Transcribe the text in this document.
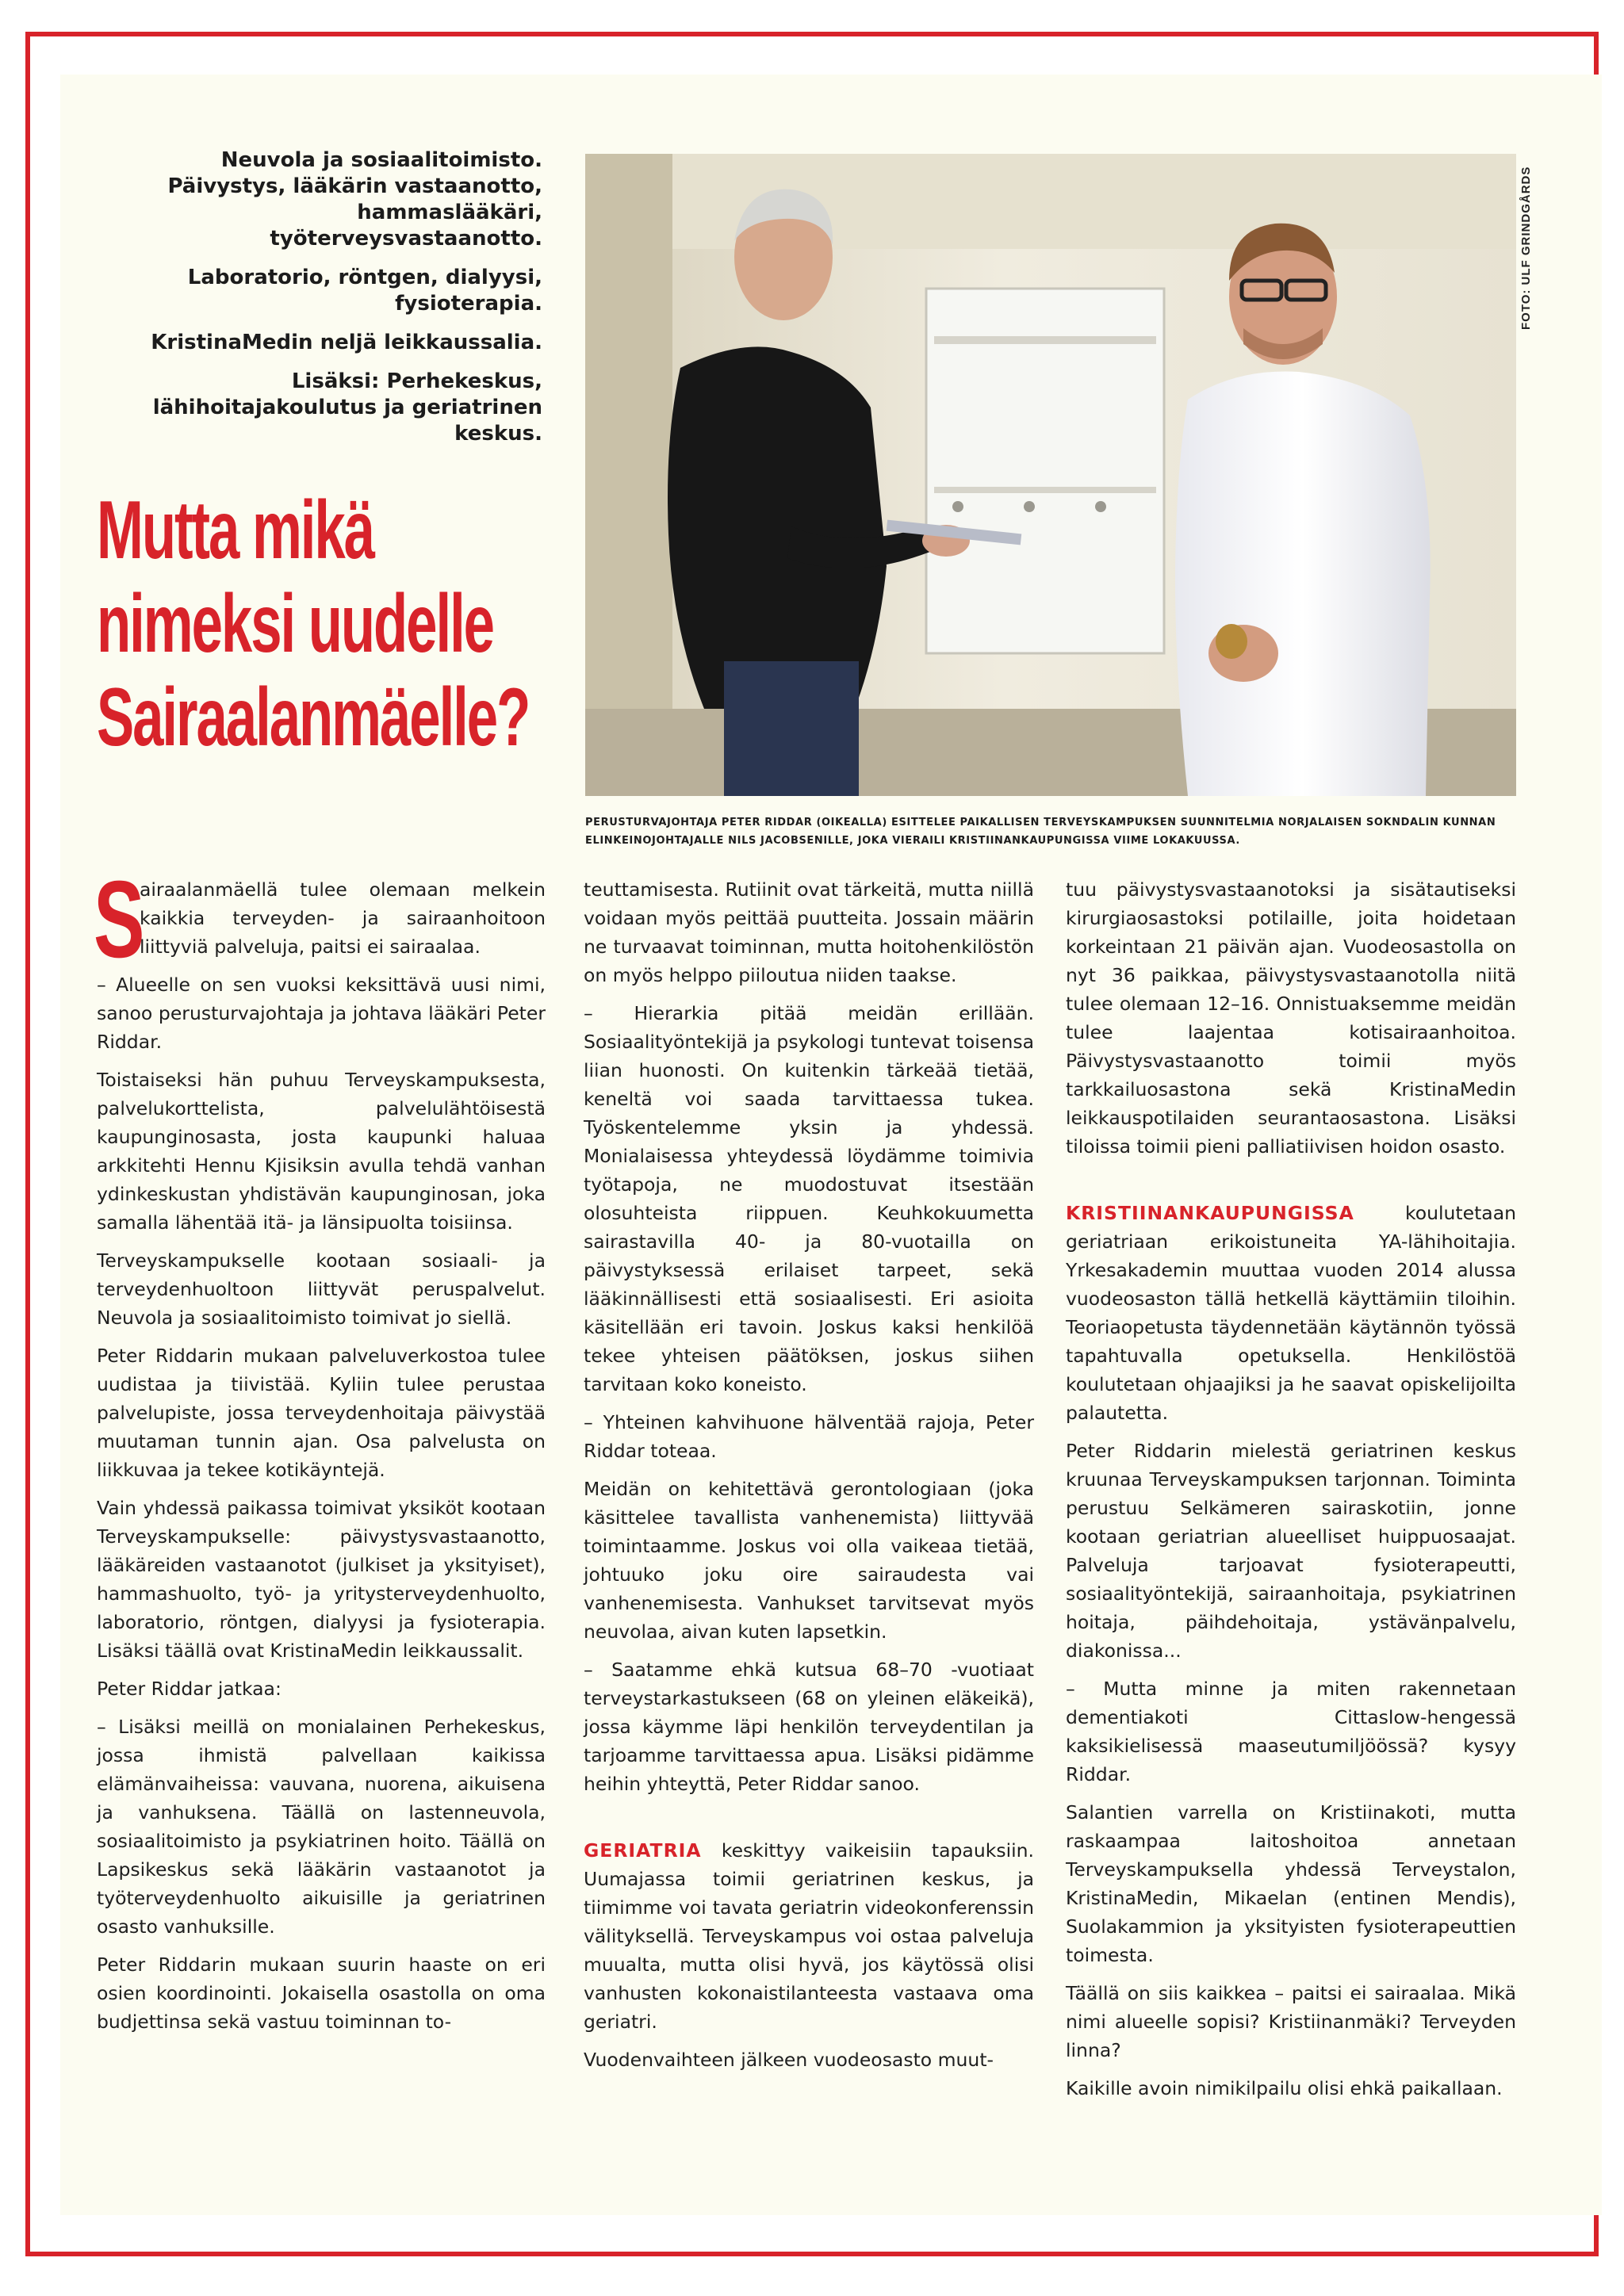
Neuvola ja sosiaalitoimisto. Päivystys, lääkärin vastaanotto, hammaslääkäri, työterveysvastaanotto.

Laboratorio, röntgen, dialyysi, fysioterapia.

KristinaMedin neljä leikkaussalia.

Lisäksi: Perhekeskus, lähihoitajakoulutus ja geriatrinen keskus.

Mutta mikä
nimeksi uudelle
Sairaalanmäelle?
FOTO: ULF GRINDGÅRDS
PERUSTURVAJOHTAJA PETER RIDDAR (OIKEALLA) ESITTELEE PAIKALLISEN TERVEYSKAMPUKSEN SUUNNITELMIA NORJALAISEN SOKNDALIN KUNNAN ELINKEINOJOHTAJALLE NILS JACOBSENILLE, JOKA VIERAILI KRISTIINANKAUPUNGISSA VIIME LOKAKUUSSA.

S
airaalanmäellä tulee olemaan melkein kaikkia terveyden- ja sairaanhoitoon liittyviä palveluja, paitsi ei sairaalaa.

– Alueelle on sen vuoksi keksittävä uusi nimi, sanoo perusturvajohtaja ja johtava lääkäri Peter Riddar.

Toistaiseksi hän puhuu Terveyskampuksesta, palvelukorttelista, palvelulähtöisestä kaupunginosasta, josta kaupunki haluaa arkkitehti Hennu Kjisiksin avulla tehdä vanhan ydinkeskustan yhdistävän kaupunginosan, joka samalla lähentää itä- ja länsipuolta toisiinsa.

Terveyskampukselle kootaan sosiaali- ja terveydenhuoltoon liittyvät peruspalvelut. Neuvola ja sosiaalitoimisto toimivat jo siellä.

Peter Riddarin mukaan palveluverkostoa tulee uudistaa ja tiivistää. Kyliin tulee perustaa palvelupiste, jossa terveydenhoitaja päivystää muutaman tunnin ajan. Osa palvelusta on liikkuvaa ja tekee kotikäyntejä.

Vain yhdessä paikassa toimivat yksiköt kootaan Terveyskampukselle: päivystysvastaanotto, lääkäreiden vastaanotot (julkiset ja yksityiset), hammashuolto, työ- ja yritysterveydenhuolto, laboratorio, röntgen, dialyysi ja fysioterapia. Lisäksi täällä ovat KristinaMedin leikkaussalit.

Peter Riddar jatkaa:

– Lisäksi meillä on monialainen Perhekeskus, jossa ihmistä palvellaan kaikissa elämänvaiheissa: vauvana, nuorena, aikuisena ja vanhuksena. Täällä on lastenneuvola, sosiaalitoimisto ja psykiatrinen hoito. Täällä on Lapsikeskus sekä lääkärin vastaanotot ja työterveydenhuolto aikuisille ja geriatrinen osasto vanhuksille.

Peter Riddarin mukaan suurin haaste on eri osien koordinointi. Jokaisella osastolla on oma budjettinsa sekä vastuu toiminnan to-

teuttamisesta. Rutiinit ovat tärkeitä, mutta niillä voidaan myös peittää puutteita. Jossain määrin ne turvaavat toiminnan, mutta hoitohenkilöstön on myös helppo piiloutua niiden taakse.

– Hierarkia pitää meidän erillään. Sosiaalityöntekijä ja psykologi tuntevat toisensa liian huonosti. On kuitenkin tärkeää tietää, keneltä voi saada tarvittaessa tukea. Työskentelemme yksin ja yhdessä. Monialaisessa yhteydessä löydämme toimivia työtapoja, ne muodostuvat itsestään olosuhteista riippuen. Keuhkokuumetta sairastavilla 40- ja 80-vuotailla on päivystyksessä erilaiset tarpeet, sekä lääkinnällisesti että sosiaalisesti. Eri asioita käsitellään eri tavoin. Joskus kaksi henkilöä tekee yhteisen päätöksen, joskus siihen tarvitaan koko koneisto.

– Yhteinen kahvihuone hälventää rajoja, Peter Riddar toteaa.

Meidän on kehitettävä gerontologiaan (joka käsittelee tavallista vanhenemista) liittyvää toimintaamme. Joskus voi olla vaikeaa tietää, johtuuko joku oire sairaudesta vai vanhenemisesta. Vanhukset tarvitsevat myös neuvolaa, aivan kuten lapsetkin.

– Saatamme ehkä kutsua 68–70 -vuotiaat terveystarkastukseen (68 on yleinen eläkeikä), jossa käymme läpi henkilön terveydentilan ja tarjoamme tarvittaessa apua. Lisäksi pidämme heihin yhteyttä, Peter Riddar sanoo.

GERIATRIA keskittyy vaikeisiin tapauksiin. Uumajassa toimii geriatrinen keskus, ja tiimimme voi tavata geriatrin videokonferenssin välityksellä. Terveyskampus voi ostaa palveluja muualta, mutta olisi hyvä, jos käytössä olisi vanhusten kokonaistilanteesta vastaava oma geriatri.

Vuodenvaihteen jälkeen vuodeosasto muut-

tuu päivystysvastaanotoksi ja sisätautiseksi kirurgiaosastoksi potilaille, joita hoidetaan korkeintaan 21 päivän ajan. Vuodeosastolla on nyt 36 paikkaa, päivystysvastaanotolla niitä tulee olemaan 12–16. Onnistuaksemme meidän tulee laajentaa kotisairaanhoitoa. Päivystysvastaanotto toimii myös tarkkailuosastona sekä KristinaMedin leikkauspotilaiden seurantaosastona. Lisäksi tiloissa toimii pieni palliatiivisen hoidon osasto.

KRISTIINANKAUPUNGISSA koulutetaan geriatriaan erikoistuneita YA-lähihoitajia. Yrkesakademin muuttaa vuoden 2014 alussa vuodeosaston tällä hetkellä käyttämiin tiloihin. Teoriaopetusta täydennetään käytännön työssä tapahtuvalla opetuksella. Henkilöstöä koulutetaan ohjaajiksi ja he saavat opiskelijoilta palautetta.

Peter Riddarin mielestä geriatrinen keskus kruunaa Terveyskampuksen tarjonnan. Toiminta perustuu Selkämeren sairaskotiin, jonne kootaan geriatrian alueelliset huippuosaajat. Palveluja tarjoavat fysioterapeutti, sosiaalityöntekijä, sairaanhoitaja, psykiatrinen hoitaja, päihdehoitaja, ystävänpalvelu, diakonissa...

– Mutta minne ja miten rakennetaan dementiakoti Cittaslow-hengessä kaksikielisessä maaseutumiljöössä? kysyy Riddar.

Salantien varrella on Kristiinakoti, mutta raskaampaa laitoshoitoa annetaan Terveyskampuksella yhdessä Terveystalon, KristinaMedin, Mikaelan (entinen Mendis), Suolakammion ja yksityisten fysioterapeuttien toimesta.

Täällä on siis kaikkea – paitsi ei sairaalaa. Mikä nimi alueelle sopisi? Kristiinanmäki? Terveyden linna?

Kaikille avoin nimikilpailu olisi ehkä paikallaan.
